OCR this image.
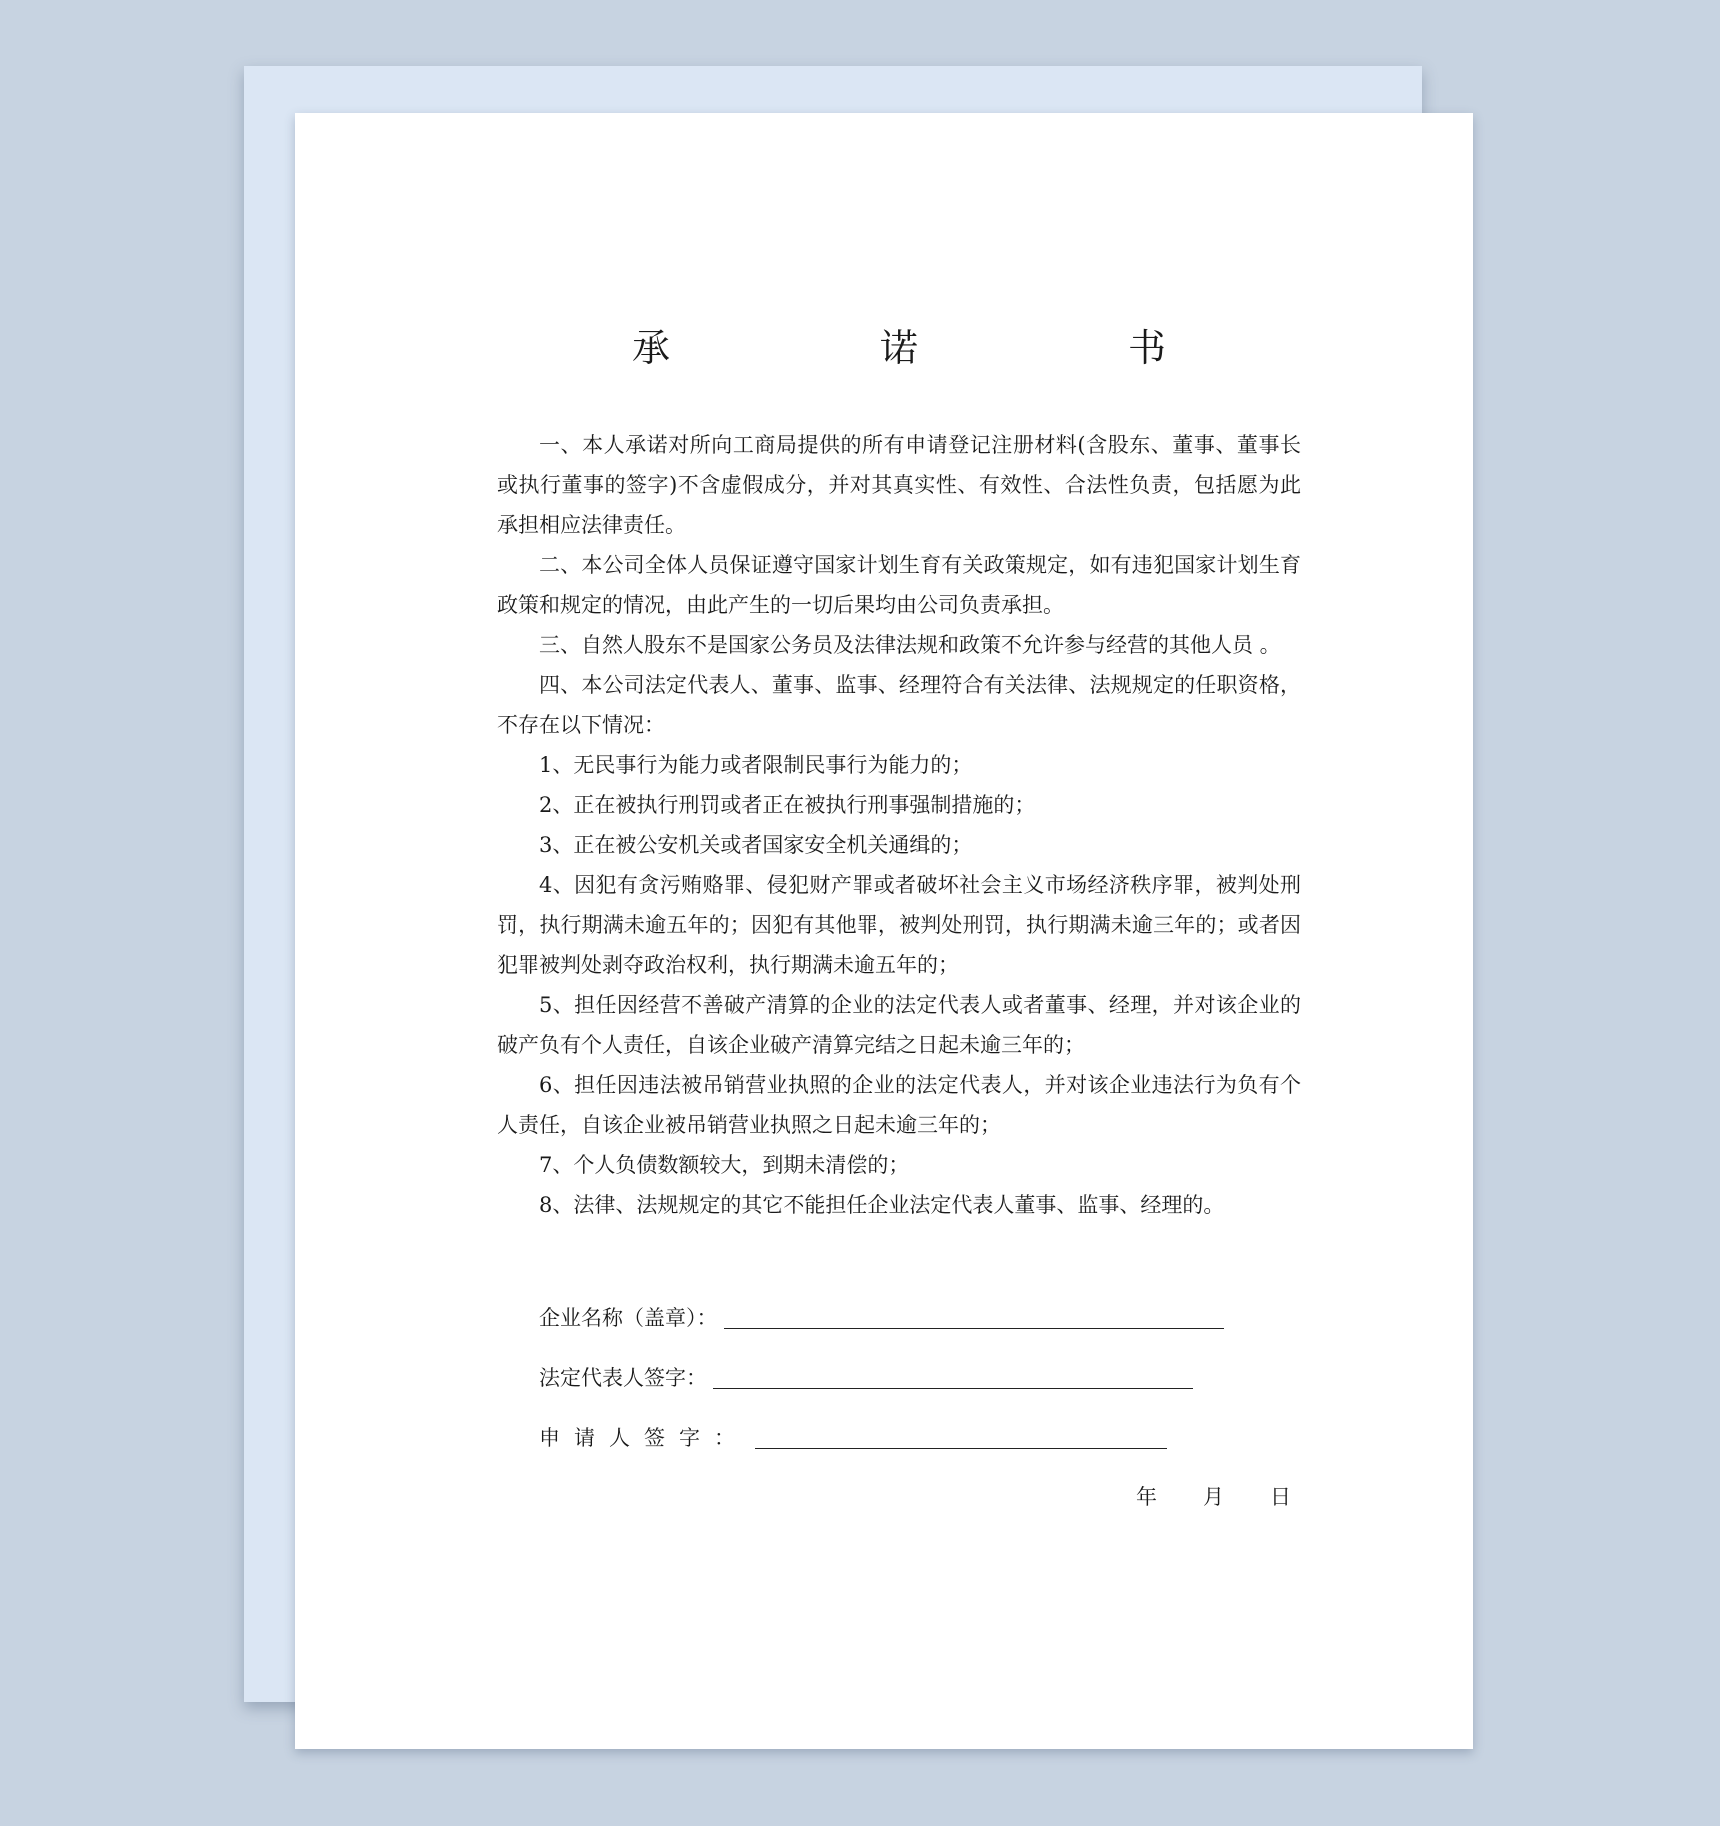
承　诺　书

一、本人承诺对所向工商局提供的所有申请登记注册材料(含股东、董事、董事长或执行董事的签字)不含虚假成分，并对其真实性、有效性、合法性负责，包括愿为此承担相应法律责任。

二、本公司全体人员保证遵守国家计划生育有关政策规定，如有违犯国家计划生育政策和规定的情况，由此产生的一切后果均由公司负责承担。

三、自然人股东不是国家公务员及法律法规和政策不允许参与经营的其他人员 。

四、本公司法定代表人、董事、监事、经理符合有关法律、法规规定的任职资格，不存在以下情况：

1、无民事行为能力或者限制民事行为能力的；

2、正在被执行刑罚或者正在被执行刑事强制措施的；

3、正在被公安机关或者国家安全机关通缉的；

4、因犯有贪污贿赂罪、侵犯财产罪或者破坏社会主义市场经济秩序罪，被判处刑罚，执行期满未逾五年的；因犯有其他罪，被判处刑罚，执行期满未逾三年的；或者因犯罪被判处剥夺政治权利，执行期满未逾五年的；

5、担任因经营不善破产清算的企业的法定代表人或者董事、经理，并对该企业的破产负有个人责任，自该企业破产清算完结之日起未逾三年的；

6、担任因违法被吊销营业执照的企业的法定代表人，并对该企业违法行为负有个人责任，自该企业被吊销营业执照之日起未逾三年的；

7、个人负债数额较大，到期未清偿的；

8、法律、法规规定的其它不能担任企业法定代表人董事、监事、经理的。

企业名称（盖章）：
法定代表人签字：
申请人签字：
年 月 日
